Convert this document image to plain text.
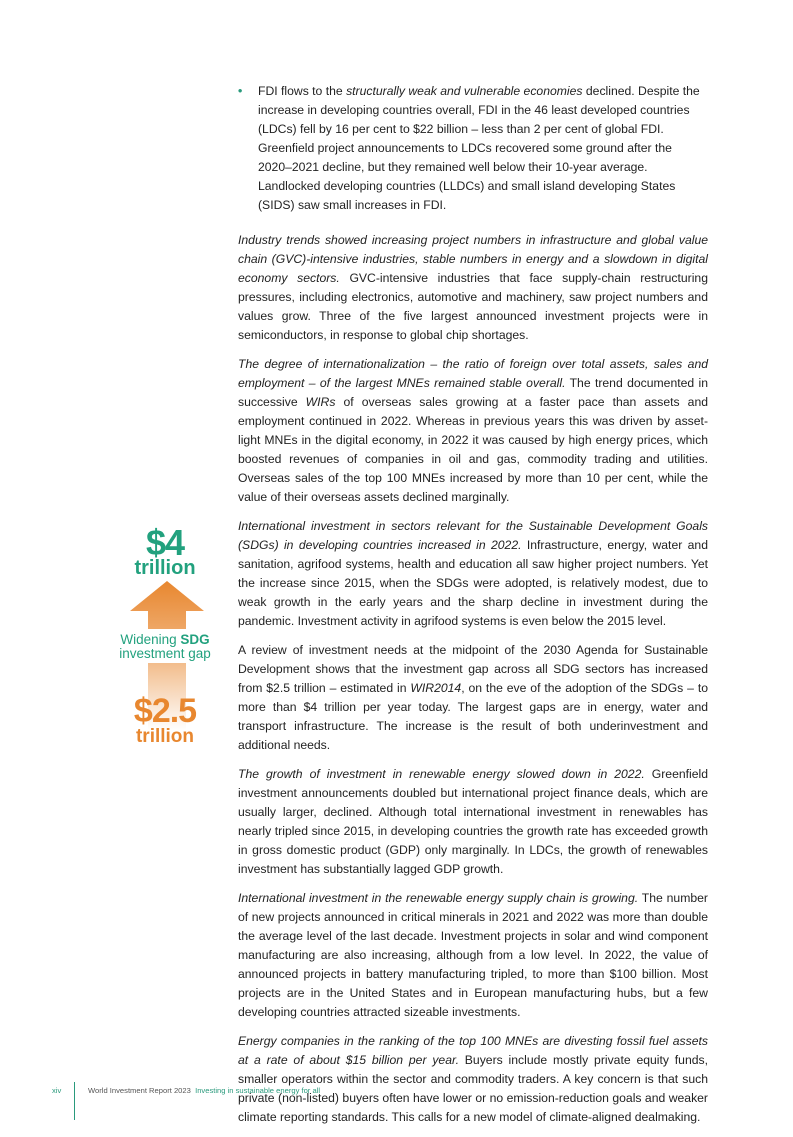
• FDI flows to the structurally weak and vulnerable economies declined. Despite the increase in developing countries overall, FDI in the 46 least developed countries (LDCs) fell by 16 per cent to $22 billion – less than 2 per cent of global FDI. Greenfield project announcements to LDCs recovered some ground after the 2020–2021 decline, but they remained well below their 10-year average. Landlocked developing countries (LLDCs) and small island developing States (SIDS) saw small increases in FDI.

Industry trends showed increasing project numbers in infrastructure and global value chain (GVC)-intensive industries, stable numbers in energy and a slowdown in digital economy sectors. GVC-intensive industries that face supply-chain restructuring pressures, including electronics, automotive and machinery, saw project numbers and values grow. Three of the five largest announced investment projects were in semiconductors, in response to global chip shortages.

The degree of internationalization – the ratio of foreign over total assets, sales and employment – of the largest MNEs remained stable overall. The trend documented in successive WIRs of overseas sales growing at a faster pace than assets and employment continued in 2022. Whereas in previous years this was driven by asset-light MNEs in the digital economy, in 2022 it was caused by high energy prices, which boosted revenues of companies in oil and gas, commodity trading and utilities. Overseas sales of the top 100 MNEs increased by more than 10 per cent, while the value of their overseas assets declined marginally.

International investment in sectors relevant for the Sustainable Development Goals (SDGs) in developing countries increased in 2022. Infrastructure, energy, water and sanitation, agrifood systems, health and education all saw higher project numbers. Yet the increase since 2015, when the SDGs were adopted, is relatively modest, due to weak growth in the early years and the sharp decline in investment during the pandemic. Investment activity in agrifood systems is even below the 2015 level.

A review of investment needs at the midpoint of the 2030 Agenda for Sustainable Development shows that the investment gap across all SDG sectors has increased from $2.5 trillion – estimated in WIR2014, on the eve of the adoption of the SDGs – to more than $4 trillion per year today. The largest gaps are in energy, water and transport infrastructure. The increase is the result of both underinvestment and additional needs.

The growth of investment in renewable energy slowed down in 2022. Greenfield investment announcements doubled but international project finance deals, which are usually larger, declined. Although total international investment in renewables has nearly tripled since 2015, in developing countries the growth rate has exceeded growth in gross domestic product (GDP) only marginally. In LDCs, the growth of renewables investment has substantially lagged GDP growth.

International investment in the renewable energy supply chain is growing. The number of new projects announced in critical minerals in 2021 and 2022 was more than double the average level of the last decade. Investment projects in solar and wind component manufacturing are also increasing, although from a low level. In 2022, the value of announced projects in battery manufacturing tripled, to more than $100 billion. Most projects are in the United States and in European manufacturing hubs, but a few developing countries attracted sizeable investments.

Energy companies in the ranking of the top 100 MNEs are divesting fossil fuel assets at a rate of about $15 billion per year. Buyers include mostly private equity funds, smaller operators within the sector and commodity traders. A key concern is that such private (non-listed) buyers often have lower or no emission-reduction goals and weaker climate reporting standards. This calls for a new model of climate-aligned dealmaking.

$4
trillion
Widening SDG
investment gap
$2.5
trillion
xiv	World Investment Report 2023 Investing in sustainable energy for all
